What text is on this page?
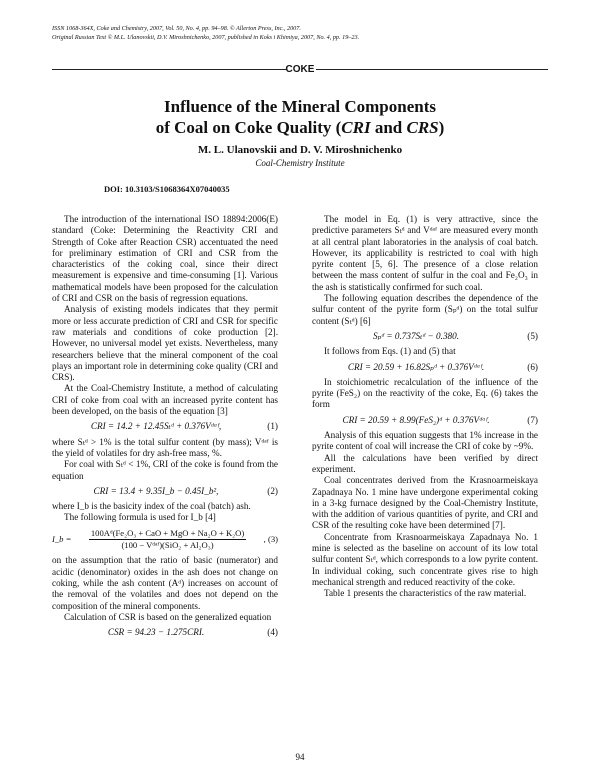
ISSN 1068-364X, Coke and Chemistry, 2007, Vol. 50, No. 4, pp. 94–98. © Allerton Press, Inc., 2007.
Original Russian Text © M.L. Ulanovskii, D.V. Miroshnichenko, 2007, published in Koks i Khimiya, 2007, No. 4, pp. 19–23.
COKE
Influence of the Mineral Components
of Coal on Coke Quality (CRI and CRS)
M. L. Ulanovskii and D. V. Miroshnichenko
Coal-Chemistry Institute
DOI: 10.3103/S1068364X07040035

The introduction of the international ISO 18894:2006(E) standard (Coke: Determining the Reactivity CRI and Strength of Coke after Reaction CSR) accentuated the need for preliminary estimation of CRI and CSR from the characteristics of the coking coal, since their direct measurement is expensive and time-consuming [1]. Various mathematical models have been proposed for the calculation of CRI and CSR on the basis of regression equations.

Analysis of existing models indicates that they permit more or less accurate prediction of CRI and CSR for specific raw materials and conditions of coke production [2]. However, no universal model yet exists. Nevertheless, many researchers believe that the mineral component of the coal plays an important role in determining coke quality (CRI and CRS).

At the Coal-Chemistry Institute, a method of calculating CRI of coke from coal with an increased pyrite content has been developed, on the basis of the equation [3]

CRI = 14.2 + 12.45Sₜᵈ + 0.376Vᵈᵃᶠ,	(1)

where Sₜᵈ > 1% is the total sulfur content (by mass); Vᵈᵃᶠ is the yield of volatiles for dry ash-free mass, %.

For coal with Sₜᵈ < 1%, CRI of the coke is found from the equation

CRI = 13.4 + 9.35I_b − 0.45I_b²,	(2)

where I_b is the basicity index of the coal (batch) ash.

The following formula is used for I_b [4]

I_b = $\frac{\text{100Aᵈ(Fe₂O₃ + CaO + MgO + Na₂O + K₂O)}}{\text{(100 − Vᵈᵃᶠ)(SiO₂ + Al₂O₃)}}$ , (3)

on the assumption that the ratio of basic (numerator) and acidic (denominator) oxides in the ash does not change on coking, while the ash content (Aᵈ) increases on account of the removal of the volatiles and does not depend on the composition of the mineral components.

Calculation of CSR is based on the generalized equation

CSR = 94.23 − 1.275CRI.	(4)

The model in Eq. (1) is very attractive, since the predictive parameters Sₜᵈ and Vᵈᵃᶠ are measured every month at all central plant laboratories in the analysis of coal batch. However, its applicability is restricted to coal with high pyrite content [5, 6]. The presence of a close relation between the mass content of sulfur in the coal and Fe₂O₃ in the ash is statistically confirmed for such coal.

The following equation describes the dependence of the sulfur content of the pyrite form (Sₚᵈ) on the total sulfur content (Sₜᵈ) [6]

Sₚᵈ = 0.737Sₜᵈ − 0.380.	(5)

It follows from Eqs. (1) and (5) that

CRI = 20.59 + 16.82Sₚᵈ + 0.376Vᵈᵃᶠ.	(6)

In stoichiometric recalculation of the influence of the pyrite (FeS₂) on the reactivity of the coke, Eq. (6) takes the form

CRI = 20.59 + 8.99(FeS₂)ᵈ + 0.376Vᵈᵃᶠ.	(7)

Analysis of this equation suggests that 1% increase in the pyrite content of coal will increase the CRI of coke by ~9%.

All the calculations have been verified by direct experiment.

Coal concentrates derived from the Krasnoarmeiskaya Zapadnaya No. 1 mine have undergone experimental coking in a 3-kg furnace designed by the Coal-Chemistry Institute, with the addition of various quantities of pyrite, and CRI and CSR of the resulting coke have been determined [7].

Concentrate from Krasnoarmeiskaya Zapadnaya No. 1 mine is selected as the baseline on account of its low total sulfur content Sₜᵈ, which corresponds to a low pyrite content. In individual coking, such concentrate gives rise to high mechanical strength and reduced reactivity of the coke.

Table 1 presents the characteristics of the raw material.

94
